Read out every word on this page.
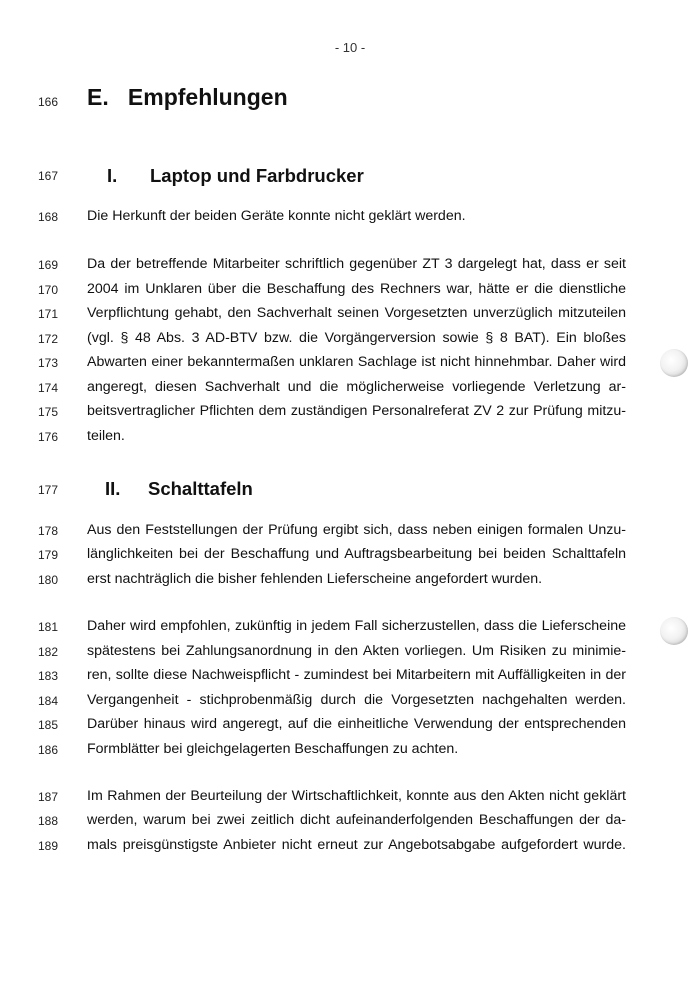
- 10 -
166 E.   Empfehlungen
167	I. Laptop und Farbdrucker
168 Die Herkunft der beiden Geräte konnte nicht geklärt werden.
169 Da der betreffende Mitarbeiter schriftlich gegenüber ZT 3 dargelegt hat, dass er seit
170 2004 im Unklaren über die Beschaffung des Rechners war, hätte er die dienstliche
171 Verpflichtung gehabt, den Sachverhalt seinen Vorgesetzten unverzüglich mitzuteilen
172 (vgl. § 48 Abs. 3 AD-BTV bzw. die Vorgängerversion sowie § 8 BAT). Ein bloßes
173 Abwarten einer bekanntermaßen unklaren Sachlage ist nicht hinnehmbar. Daher wird
174 angeregt, diesen Sachverhalt und die möglicherweise vorliegende Verletzung ar-
175 beitsvertraglicher Pflichten dem zuständigen Personalreferat ZV 2 zur Prüfung mitzu-
176 teilen.
177	II. Schalttafeln
178 Aus den Feststellungen der Prüfung ergibt sich, dass neben einigen formalen Unzu-
179 länglichkeiten bei der Beschaffung und Auftragsbearbeitung bei beiden Schalttafeln
180 erst nachträglich die bisher fehlenden Lieferscheine angefordert wurden.
181 Daher wird empfohlen, zukünftig in jedem Fall sicherzustellen, dass die Lieferscheine
182 spätestens bei Zahlungsanordnung in den Akten vorliegen. Um Risiken zu minimie-
183 ren, sollte diese Nachweispflicht - zumindest bei Mitarbeitern mit Auffälligkeiten in der
184 Vergangenheit - stichprobenmäßig durch die Vorgesetzten nachgehalten werden.
185 Darüber hinaus wird angeregt, auf die einheitliche Verwendung der entsprechenden
186 Formblätter bei gleichgelagerten Beschaffungen zu achten.
187 Im Rahmen der Beurteilung der Wirtschaftlichkeit, konnte aus den Akten nicht geklärt
188 werden, warum bei zwei zeitlich dicht aufeinanderfolgenden Beschaffungen der da-
189 mals preisgünstigste Anbieter nicht erneut zur Angebotsabgabe aufgefordert wurde.
